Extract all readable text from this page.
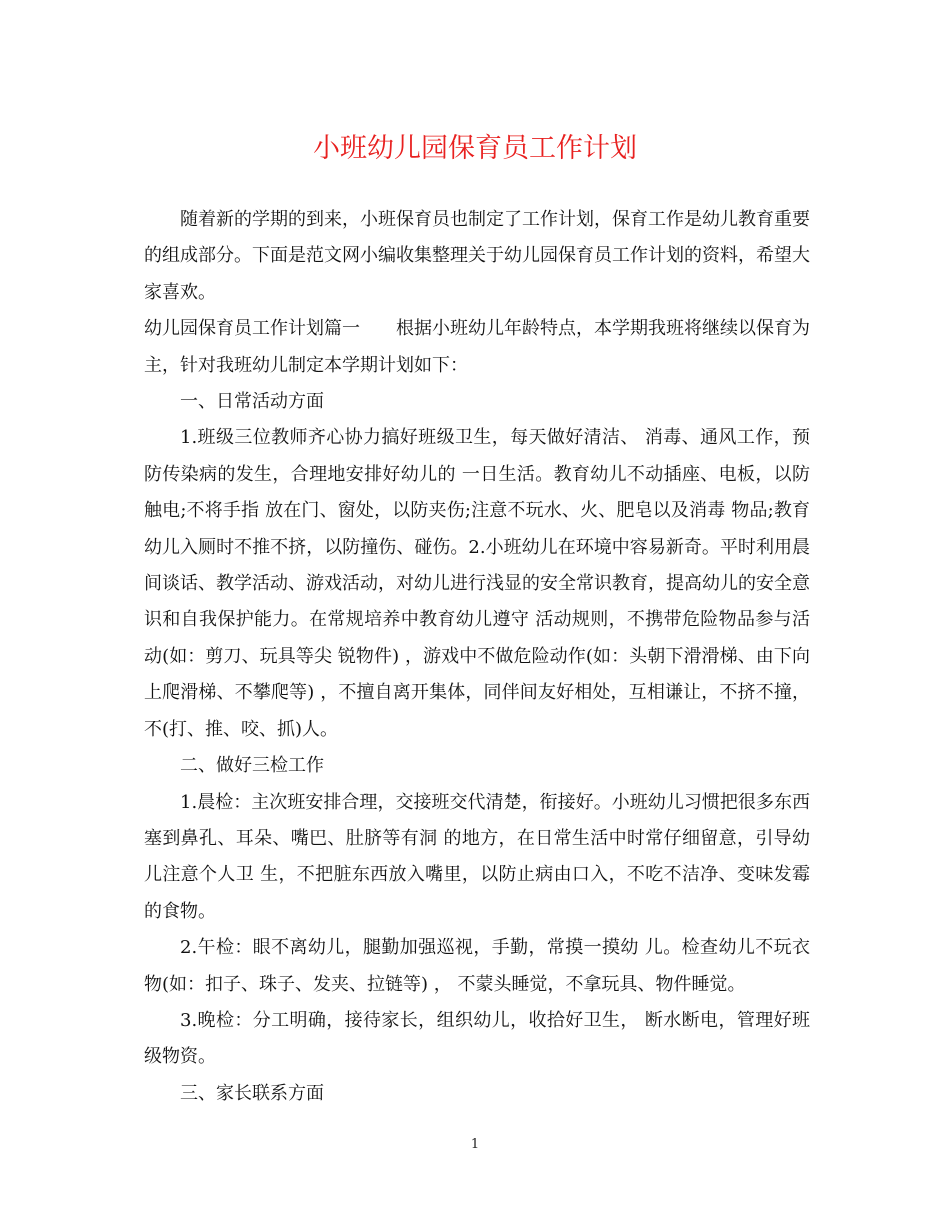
小班幼儿园保育员工作计划

随着新的学期的到来，小班保育员也制定了工作计划，保育工作是幼儿教育重要的组成部分。下面是范文网小编收集整理关于幼儿园保育员工作计划的资料，希望大家喜欢。

幼儿园保育员工作计划篇一　　根据小班幼儿年龄特点，本学期我班将继续以保育为主，针对我班幼儿制定本学期计划如下：

一、日常活动方面

1.班级三位教师齐心协力搞好班级卫生，每天做好清洁、 消毒、通风工作，预防传染病的发生，合理地安排好幼儿的 一日生活。教育幼儿不动插座、电板，以防触电;不将手指 放在门、窗处，以防夹伤;注意不玩水、火、肥皂以及消毒 物品;教育幼儿入厕时不推不挤，以防撞伤、碰伤。2.小班幼儿在环境中容易新奇。平时利用晨间谈话、教学活动、游戏活动，对幼儿进行浅显的安全常识教育，提高幼儿的安全意识和自我保护能力。在常规培养中教育幼儿遵守 活动规则，不携带危险物品参与活动(如：剪刀、玩具等尖 锐物件) ，游戏中不做危险动作(如：头朝下滑滑梯、由下向上爬滑梯、不攀爬等) ，不擅自离开集体，同伴间友好相处，互相谦让，不挤不撞，不(打、推、咬、抓)人。

二、做好三检工作

1.晨检：主次班安排合理，交接班交代清楚，衔接好。小班幼儿习惯把很多东西塞到鼻孔、耳朵、嘴巴、肚脐等有洞 的地方，在日常生活中时常仔细留意，引导幼儿注意个人卫 生，不把脏东西放入嘴里，以防止病由口入，不吃不洁净、变味发霉的食物。

2.午检：眼不离幼儿，腿勤加强巡视，手勤，常摸一摸幼 儿。检查幼儿不玩衣物(如：扣子、珠子、发夹、拉链等) ， 不蒙头睡觉，不拿玩具、物件睡觉。

3.晚检：分工明确，接待家长，组织幼儿，收拾好卫生， 断水断电，管理好班级物资。

三、家长联系方面

1
